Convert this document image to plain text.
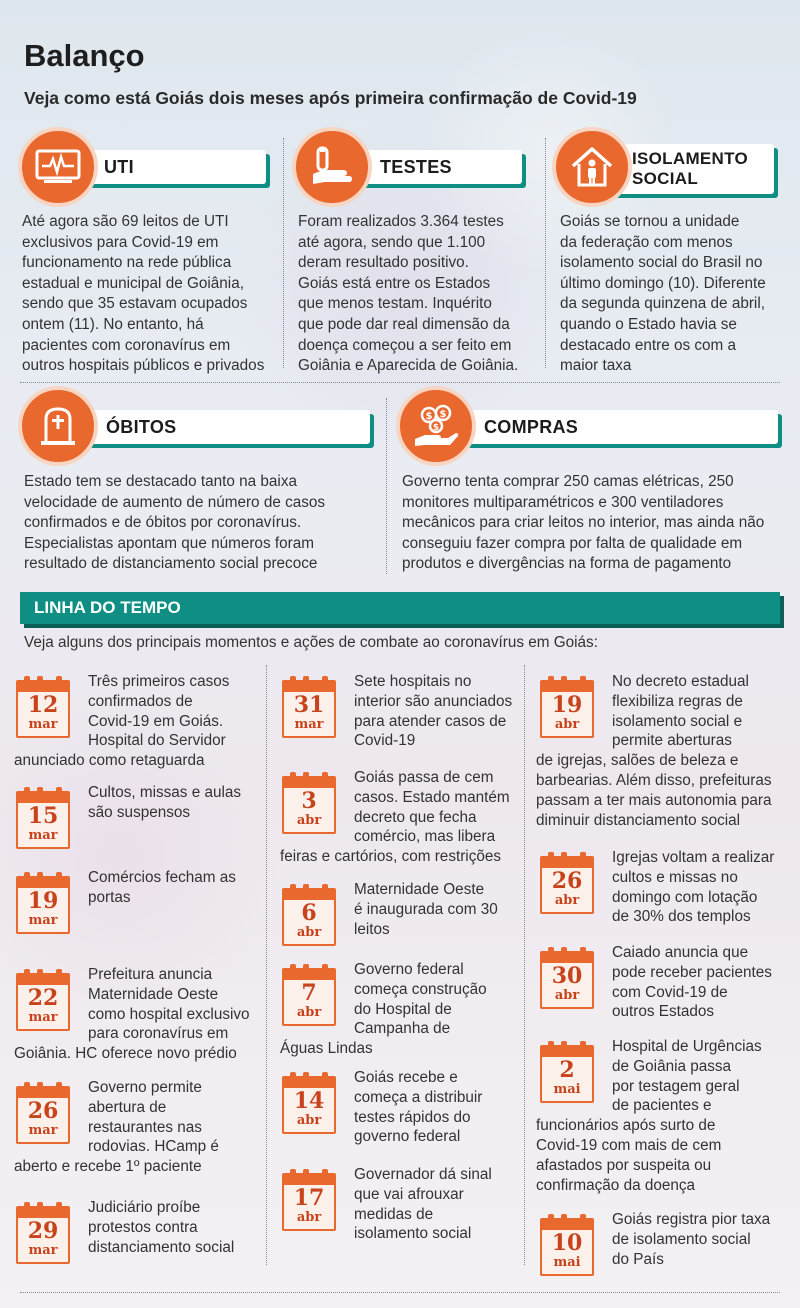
Balanço
Veja como está Goiás dois meses após primeira confirmação de Covid-19
UTI
Até agora são 69 leitos de UTI
exclusivos para Covid-19 em
funcionamento na rede pública
estadual e municipal de Goiânia,
sendo que 35 estavam ocupados
ontem (11). No entanto, há
pacientes com coronavírus em
outros hospitais públicos e privados
TESTES
Foram realizados 3.364 testes
até agora, sendo que 1.100
deram resultado positivo.
Goiás está entre os Estados
que menos testam. Inquérito
que pode dar real dimensão da
doença começou a ser feito em
Goiânia e Aparecida de Goiânia.
ISOLAMENTO
SOCIAL
Goiás se tornou a unidade
da federação com menos
isolamento social do Brasil no
último domingo (10). Diferente
da segunda quinzena de abril,
quando o Estado havia se
destacado entre os com a
maior taxa
ÓBITOS
Estado tem se destacado tanto na baixa
velocidade de aumento de número de casos
confirmados e de óbitos por coronavírus.
Especialistas apontam que números foram
resultado de distanciamento social precoce
COMPRAS
$ $
$
Governo tenta comprar 250 camas elétricas, 250
monitores multiparamétricos e 300 ventiladores
mecânicos para criar leitos no interior, mas ainda não
conseguiu fazer compra por falta de qualidade em
produtos e divergências na forma de pagamento
LINHA DO TEMPO
Veja alguns dos principais momentos e ações de combate ao coronavírus em Goiás:
12
mar
Três primeiros casos
confirmados de
Covid-19 em Goiás.
Hospital do Servidor
anunciado como retaguarda
15
mar
Cultos, missas e aulas
são suspensos
19
mar
Comércios fecham as
portas
22
mar
Prefeitura anuncia
Maternidade Oeste
como hospital exclusivo
para coronavírus em
Goiânia. HC oferece novo prédio
26
mar
Governo permite
abertura de
restaurantes nas
rodovias. HCamp é
aberto e recebe 1º paciente
29
mar
Judiciário proíbe
protestos contra
distanciamento social
31
mar
Sete hospitais no
interior são anunciados
para atender casos de
Covid-19
3
abr
Goiás passa de cem
casos. Estado mantém
decreto que fecha
comércio, mas libera
feiras e cartórios, com restrições
6
abr
Maternidade Oeste
é inaugurada com 30
leitos
7
abr
Governo federal
começa construção
do Hospital de
Campanha de
Águas Lindas
14
abr
Goiás recebe e
começa a distribuir
testes rápidos do
governo federal
17
abr
Governador dá sinal
que vai afrouxar
medidas de
isolamento social
19
abr
No decreto estadual
flexibiliza regras de
isolamento social e
permite aberturas
de igrejas, salões de beleza e
barbearias. Além disso, prefeituras
passam a ter mais autonomia para
diminuir distanciamento social
26
abr
Igrejas voltam a realizar
cultos e missas no
domingo com lotação
de 30% dos templos
30
abr
Caiado anuncia que
pode receber pacientes
com Covid-19 de
outros Estados
2
mai
Hospital de Urgências
de Goiânia passa
por testagem geral
de pacientes e
funcionários após surto de
Covid-19 com mais de cem
afastados por suspeita ou
confirmação da doença
10
mai
Goiás registra pior taxa
de isolamento social
do País
